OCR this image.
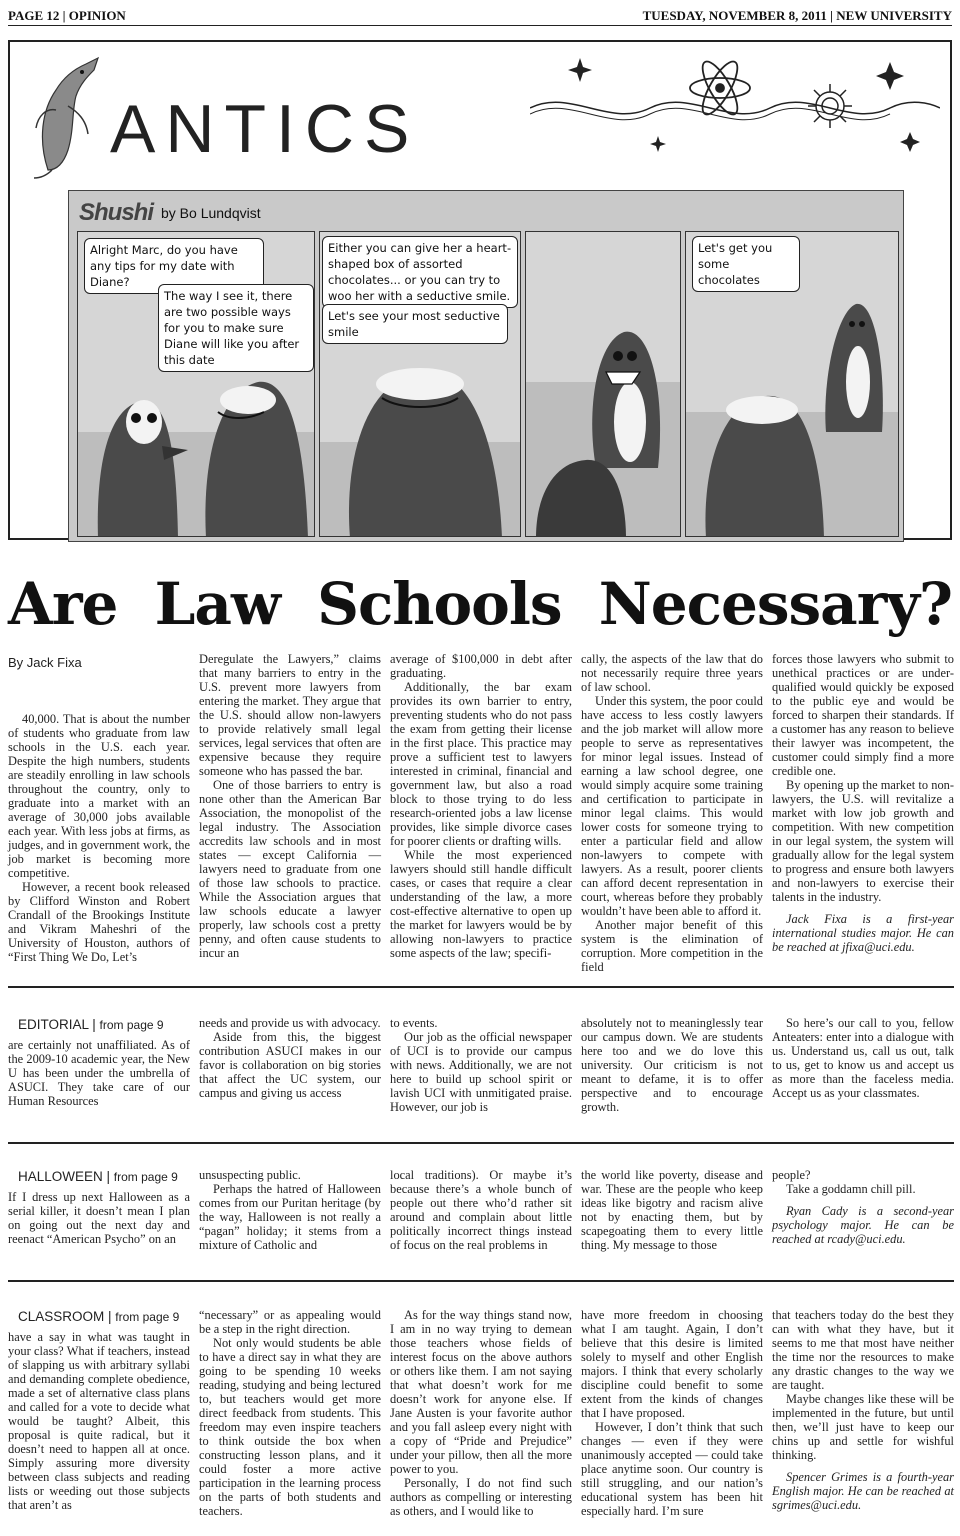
PAGE 12 | OPINION	TUESDAY, NOVEMBER 8, 2011 | NEW UNIVERSITY
ANTICS
Shushi by Bo Lundqvist
Alright Marc, do you have any tips for my date with Diane?
The way I see it, there are two possible ways for you to make sure Diane will like you after this date
Either you can give her a heart-shaped box of assorted chocolates... or you can try to woo her with a seductive smile.
Let's see your most seductive smile
Let's get you some chocolates
Are Law Schools Necessary?
By Jack Fixa

40,000. That is about the number of students who graduate from law schools in the U.S. each year. Despite the high numbers, students are steadily enrolling in law schools throughout the country, only to graduate into a market with an average of 30,000 jobs available each year. With less jobs at firms, as judges, and in government work, the job market is becoming more competitive.

However, a recent book released by Clifford Winston and Robert Crandall of the Brookings Institute and Vikram Maheshri of the University of Houston, authors of “First Thing We Do, Let’s

Deregulate the Lawyers,” claims that many barriers to entry in the U.S. prevent more lawyers from entering the market. They argue that the U.S. should allow non-lawyers to provide relatively small legal services, legal services that often are expensive because they require someone who has passed the bar.

One of those barriers to entry is none other than the American Bar Association, the monopolist of the legal industry. The Association accredits law schools and in most states — except California — lawyers need to graduate from one of those law schools to practice. While the Association argues that law schools educate a lawyer properly, law schools cost a pretty penny, and often cause students to incur an

average of $100,000 in debt after graduating.

Additionally, the bar exam provides its own barrier to entry, preventing students who do not pass the exam from getting their license in the first place. This practice may prove a sufficient test to lawyers interested in criminal, financial and government law, but also a road block to those trying to do less research-oriented jobs a law license provides, like simple divorce cases for poorer clients or drafting wills.

While the most experienced lawyers should still handle difficult cases, or cases that require a clear understanding of the law, a more cost-effective alternative to open up the market for lawyers would be by allowing non-lawyers to practice some aspects of the law; specifi-

cally, the aspects of the law that do not necessarily require three years of law school.

Under this system, the poor could have access to less costly lawyers and the job market will allow more people to serve as representatives for minor legal issues. Instead of earning a law school degree, one would simply acquire some training and certification to participate in minor legal claims. This would lower costs for someone trying to enter a particular field and allow non-lawyers to compete with lawyers. As a result, poorer clients can afford decent representation in court, whereas before they probably wouldn’t have been able to afford it.

Another major benefit of this system is the elimination of corruption. More competition in the field

forces those lawyers who submit to unethical practices or are under-qualified would quickly be exposed to the public eye and would be forced to sharpen their standards. If a customer has any reason to believe their lawyer was incompetent, the customer could simply find a more credible one.

By opening up the market to non-lawyers, the U.S. will revitalize a market with low job growth and competition. With new competition in our legal system, the system will gradually allow for the legal system to progress and ensure both lawyers and non-lawyers to exercise their talents in the industry.

Jack Fixa is a first-year international studies major. He can be reached at jfixa@uci.edu.

EDITORIAL | from page 9

are certainly not unaffiliated. As of the 2009-10 academic year, the New U has been under the umbrella of ASUCI. They take care of our Human Resources

needs and provide us with advocacy.

Aside from this, the biggest contribution ASUCI makes in our favor is collaboration on big stories that affect the UC system, our campus and giving us access

to events.

Our job as the official newspaper of UCI is to provide our campus with news. Additionally, we are not here to build up school spirit or lavish UCI with unmitigated praise. However, our job is

absolutely not to meaninglessly tear our campus down. We are students here too and we do love this university. Our criticism is not meant to defame, it is to offer perspective and to encourage growth.

So here’s our call to you, fellow Anteaters: enter into a dialogue with us. Understand us, call us out, talk to us, get to know us and accept us as more than the faceless media. Accept us as your classmates.

HALLOWEEN | from page 9

If I dress up next Halloween as a serial killer, it doesn’t mean I plan on going out the next day and reenact “American Psycho” on an

unsuspecting public.

Perhaps the hatred of Halloween comes from our Puritan heritage (by the way, Halloween is not really a “pagan” holiday; it stems from a mixture of Catholic and

local traditions). Or maybe it’s because there’s a whole bunch of people out there who’d rather sit around and complain about little politically incorrect things instead of focus on the real problems in

the world like poverty, disease and war. These are the people who keep ideas like bigotry and racism alive not by enacting them, but by scapegoating them to every little thing. My message to those

people?

Take a goddamn chill pill.

Ryan Cady is a second-year psychology major. He can be reached at rcady@uci.edu.

CLASSROOM | from page 9

have a say in what was taught in your class? What if teachers, instead of slapping us with arbitrary syllabi and demanding complete obedience, made a set of alternative class plans and called for a vote to decide what would be taught? Albeit, this proposal is quite radical, but it doesn’t need to happen all at once. Simply assuring more diversity between class subjects and reading lists or weeding out those subjects that aren’t as

“necessary” or as appealing would be a step in the right direction.

Not only would students be able to have a direct say in what they are going to be spending 10 weeks reading, studying and being lectured to, but teachers would get more direct feedback from students. This freedom may even inspire teachers to think outside the box when constructing lesson plans, and it could foster a more active participation in the learning process on the parts of both students and teachers.

As for the way things stand now, I am in no way trying to demean those teachers whose fields of interest focus on the above authors or others like them. I am not saying that what doesn’t work for me doesn’t work for anyone else. If Jane Austen is your favorite author and you fall asleep every night with a copy of “Pride and Prejudice” under your pillow, then all the more power to you.

Personally, I do not find such authors as compelling or interesting as others, and I would like to

have more freedom in choosing what I am taught. Again, I don’t believe that this desire is limited solely to myself and other English majors. I think that every scholarly discipline could benefit to some extent from the kinds of changes that I have proposed.

However, I don’t think that such changes — even if they were unanimously accepted — could take place anytime soon. Our country is still struggling, and our nation’s educational system has been hit especially hard. I’m sure

that teachers today do the best they can with what they have, but it seems to me that most have neither the time nor the resources to make any drastic changes to the way we are taught.

Maybe changes like these will be implemented in the future, but until then, we’ll just have to keep our chins up and settle for wishful thinking.

Spencer Grimes is a fourth-year English major. He can be reached at sgrimes@uci.edu.
